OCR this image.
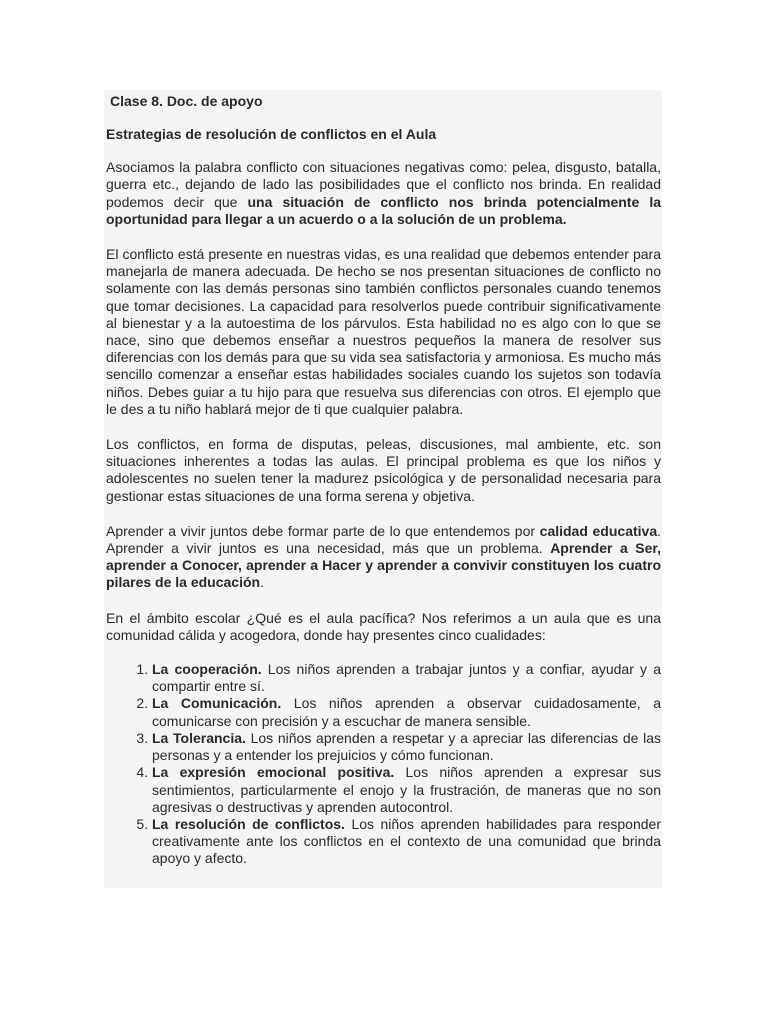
Clase 8. Doc. de apoyo
Estrategias de resolución de conflictos en el Aula

Asociamos la palabra conflicto con situaciones negativas como: pelea, disgusto, batalla, guerra etc., dejando de lado las posibilidades que el conflicto nos brinda. En realidad podemos decir que una situación de conflicto nos brinda potencialmente la oportunidad para llegar a un acuerdo o a la solución de un problema.

El conflicto está presente en nuestras vidas, es una realidad que debemos entender para manejarla de manera adecuada. De hecho se nos presentan situaciones de conflicto no solamente con las demás personas sino también conflictos personales cuando tenemos que tomar decisiones. La capacidad para resolverlos puede contribuir significativamente al bienestar y a la autoestima de los párvulos. Esta habilidad no es algo con lo que se nace, sino que debemos enseñar a nuestros pequeños la manera de resolver sus diferencias con los demás para que su vida sea satisfactoria y armoniosa. Es mucho más sencillo comenzar a enseñar estas habilidades sociales cuando los sujetos son todavía niños. Debes guiar a tu hijo para que resuelva sus diferencias con otros. El ejemplo que le des a tu niño hablará mejor de ti que cualquier palabra.

Los conflictos, en forma de disputas, peleas, discusiones, mal ambiente, etc. son situaciones inherentes a todas las aulas. El principal problema es que los niños y adolescentes no suelen tener la madurez psicológica y de personalidad necesaria para gestionar estas situaciones de una forma serena y objetiva.

Aprender a vivir juntos debe formar parte de lo que entendemos por calidad educativa. Aprender a vivir juntos es una necesidad, más que un problema. Aprender a Ser, aprender a Conocer, aprender a Hacer y aprender a convivir constituyen los cuatro pilares de la educación.

En el ámbito escolar ¿Qué es el aula pacífica? Nos referimos a un aula que es una comunidad cálida y acogedora, donde hay presentes cinco cualidades:

1. La cooperación. Los niños aprenden a trabajar juntos y a confiar, ayudar y a compartir entre sí.
2. La Comunicación. Los niños aprenden a observar cuidadosamente, a comunicarse con precisión y a escuchar de manera sensible.
3. La Tolerancia. Los niños aprenden a respetar y a apreciar las diferencias de las personas y a entender los prejuicios y cómo funcionan.
4. La expresión emocional positiva. Los niños aprenden a expresar sus sentimientos, particularmente el enojo y la frustración, de maneras que no son agresivas o destructivas y aprenden autocontrol.
5. La resolución de conflictos. Los niños aprenden habilidades para responder creativamente ante los conflictos en el contexto de una comunidad que brinda apoyo y afecto.
